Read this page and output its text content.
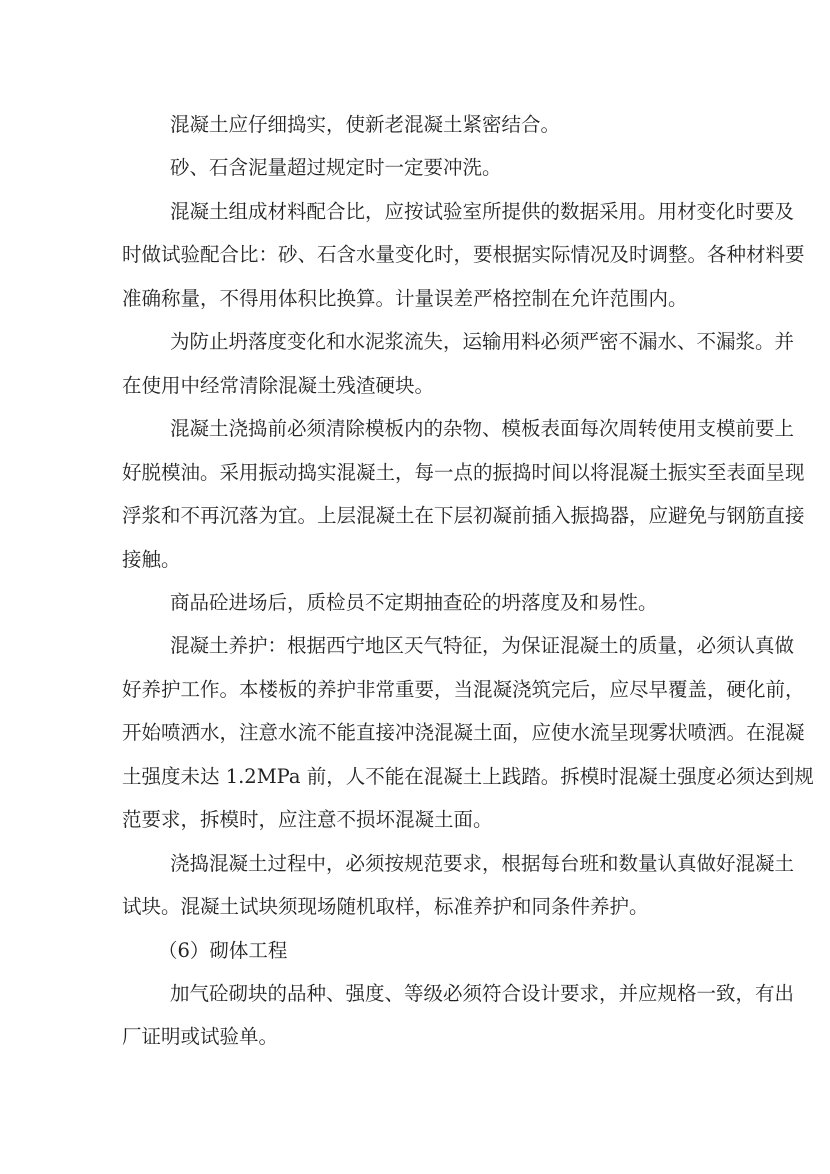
混凝土应仔细捣实，使新老混凝土紧密结合。
砂、石含泥量超过规定时一定要冲洗。
混凝土组成材料配合比，应按试验室所提供的数据采用。用材变化时要及
时做试验配合比：砂、石含水量变化时，要根据实际情况及时调整。各种材料要
准确称量，不得用体积比换算。计量误差严格控制在允许范围内。
为防止坍落度变化和水泥浆流失，运输用料必须严密不漏水、不漏浆。并
在使用中经常清除混凝土残渣硬块。
混凝土浇捣前必须清除模板内的杂物、模板表面每次周转使用支模前要上
好脱模油。采用振动捣实混凝土，每一点的振捣时间以将混凝土振实至表面呈现
浮浆和不再沉落为宜。上层混凝土在下层初凝前插入振捣器，应避免与钢筋直接
接触。
商品砼进场后，质检员不定期抽查砼的坍落度及和易性。
混凝土养护：根据西宁地区天气特征，为保证混凝土的质量，必须认真做
好养护工作。本楼板的养护非常重要，当混凝浇筑完后，应尽早覆盖，硬化前，
开始喷洒水，注意水流不能直接冲浇混凝土面，应使水流呈现雾状喷洒。在混凝
土强度未达 1.2MPa 前，人不能在混凝土上践踏。拆模时混凝土强度必须达到规
范要求，拆模时，应注意不损坏混凝土面。
浇捣混凝土过程中，必须按规范要求，根据每台班和数量认真做好混凝土
试块。混凝土试块须现场随机取样，标准养护和同条件养护。
（6）砌体工程
加气砼砌块的品种、强度、等级必须符合设计要求，并应规格一致，有出
厂证明或试验单。
